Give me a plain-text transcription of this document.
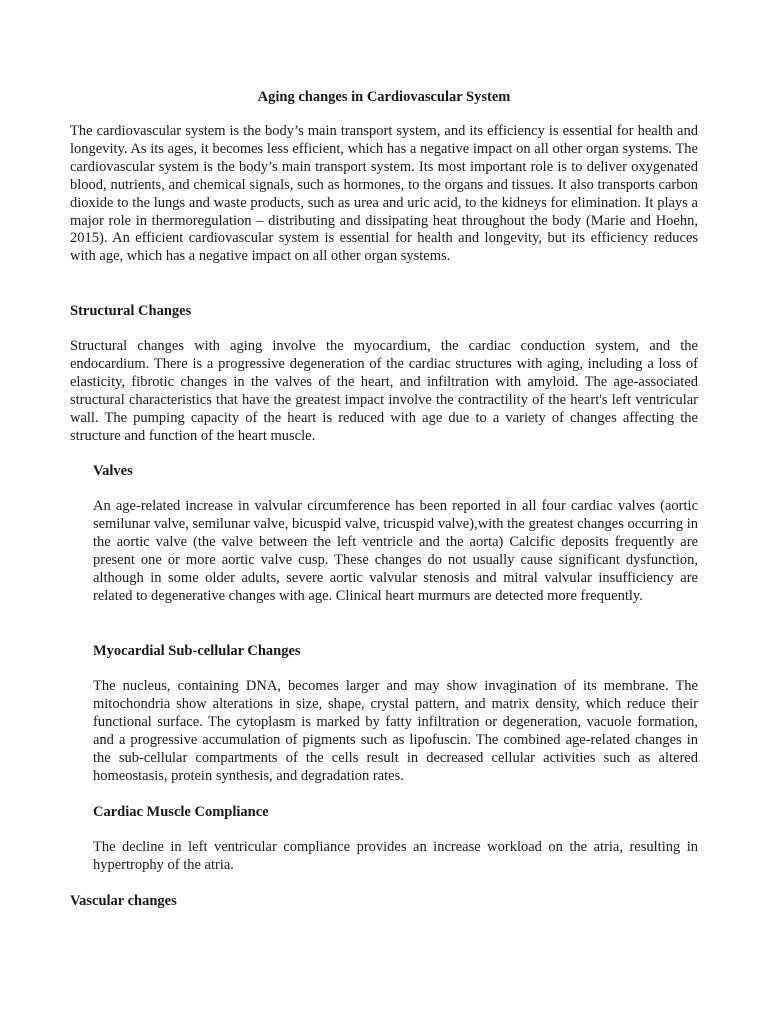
Aging changes in Cardiovascular System

The cardiovascular system is the body’s main transport system, and its efficiency is essential for health and longevity. As its ages, it becomes less efficient, which has a negative impact on all other organ systems. The cardiovascular system is the body’s main transport system. Its most important role is to deliver oxygenated blood, nutrients, and chemical signals, such as hormones, to the organs and tissues. It also transports carbon dioxide to the lungs and waste products, such as urea and uric acid, to the kidneys for elimination. It plays a major role in thermoregulation – distributing and dissipating heat throughout the body (Marie and Hoehn, 2015). An efficient cardiovascular system is essential for health and longevity, but its efficiency reduces with age, which has a negative impact on all other organ systems.

Structural Changes

Structural changes with aging involve the myocardium, the cardiac conduction system, and the endocardium. There is a progressive degeneration of the cardiac structures with aging, including a loss of elasticity, fibrotic changes in the valves of the heart, and infiltration with amyloid. The age-associated structural characteristics that have the greatest impact involve the contractility of the heart's left ventricular wall. The pumping capacity of the heart is reduced with age due to a variety of changes affecting the structure and function of the heart muscle.

Valves

An age-related increase in valvular circumference has been reported in all four cardiac valves (aortic semilunar valve, semilunar valve, bicuspid valve, tricuspid valve),with the greatest changes occurring in the aortic valve (the valve between the left ventricle and the aorta) Calcific deposits frequently are present one or more aortic valve cusp. These changes do not usually cause significant dysfunction, although in some older adults, severe aortic valvular stenosis and mitral valvular insufficiency are related to degenerative changes with age. Clinical heart murmurs are detected more frequently.

Myocardial Sub-cellular Changes

The nucleus, containing DNA, becomes larger and may show invagination of its membrane. The mitochondria show alterations in size, shape, crystal pattern, and matrix density, which reduce their functional surface. The cytoplasm is marked by fatty infiltration or degeneration, vacuole formation, and a progressive accumulation of pigments such as lipofuscin. The combined age-related changes in the sub-cellular compartments of the cells result in decreased cellular activities such as altered homeostasis, protein synthesis, and degradation rates.

Cardiac Muscle Compliance

The decline in left ventricular compliance provides an increase workload on the atria, resulting in hypertrophy of the atria.

Vascular changes
